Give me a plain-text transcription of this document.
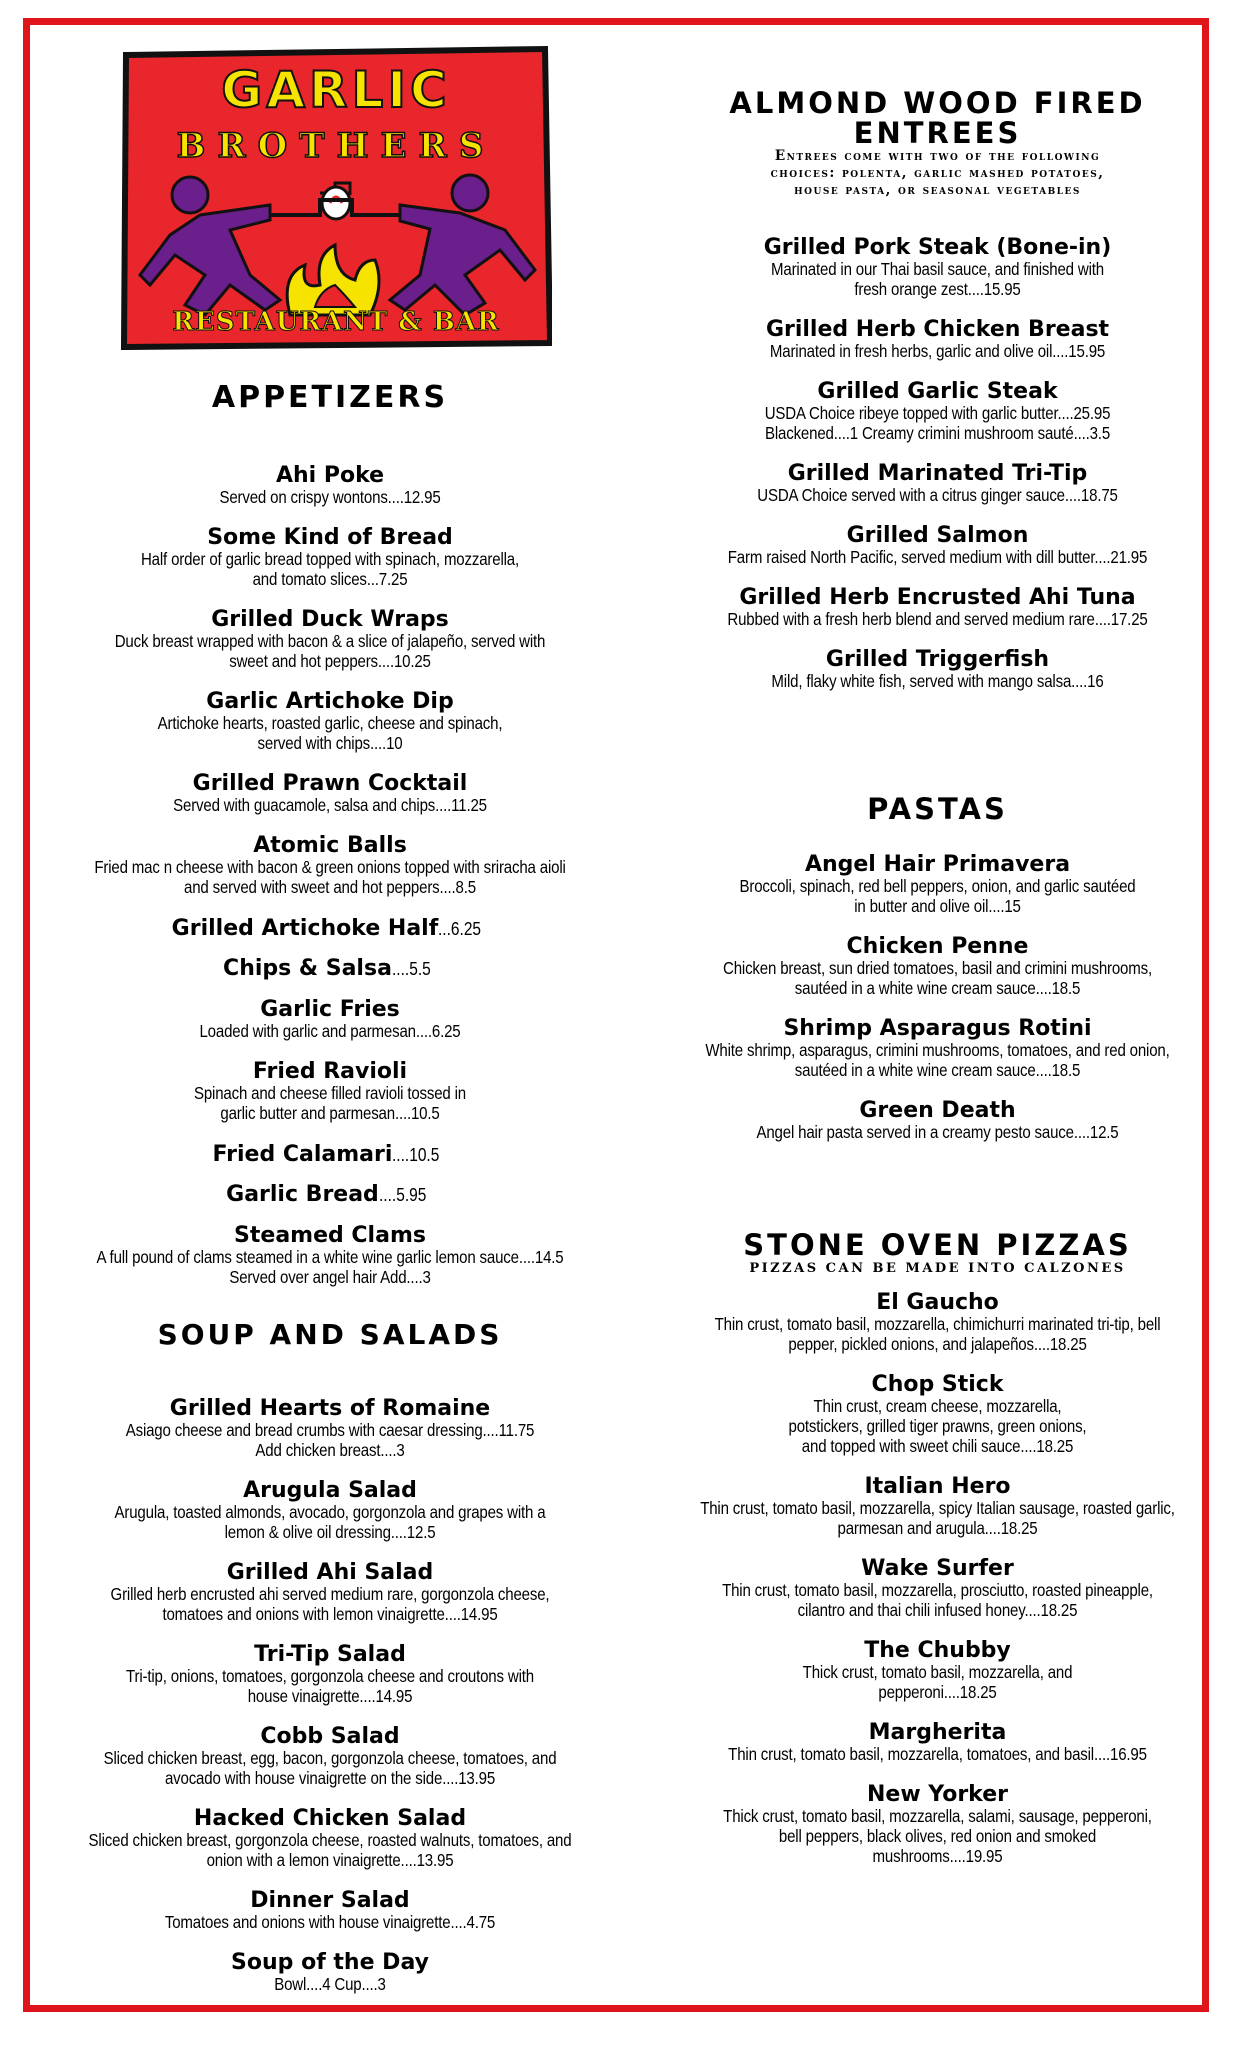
GARLIC
BROTHERS
RESTAURANT & BAR
APPETIZERS
Ahi Poke
Served on crispy wontons....12.95
Some Kind of Bread
Half order of garlic bread topped with spinach, mozzarella,
and tomato slices...7.25
Grilled Duck Wraps
Duck breast wrapped with bacon & a slice of jalapeño, served with
sweet and hot peppers....10.25
Garlic Artichoke Dip
Artichoke hearts, roasted garlic, cheese and spinach,
served with chips....10
Grilled Prawn Cocktail
Served with guacamole, salsa and chips....11.25
Atomic Balls
Fried mac n cheese with bacon & green onions topped with sriracha aioli
and served with sweet and hot peppers....8.5
Grilled Artichoke Half...6.25
Chips & Salsa....5.5
Garlic Fries
Loaded with garlic and parmesan....6.25
Fried Ravioli
Spinach and cheese filled ravioli tossed in
garlic butter and parmesan....10.5
Fried Calamari....10.5
Garlic Bread....5.95
Steamed Clams
A full pound of clams steamed in a white wine garlic lemon sauce....14.5
Served over angel hair Add....3
SOUP AND SALADS
Grilled Hearts of Romaine
Asiago cheese and bread crumbs with caesar dressing....11.75
Add chicken breast....3
Arugula Salad
Arugula, toasted almonds, avocado, gorgonzola and grapes with a
lemon & olive oil dressing....12.5
Grilled Ahi Salad
Grilled herb encrusted ahi served medium rare, gorgonzola cheese,
tomatoes and onions with lemon vinaigrette....14.95
Tri-Tip Salad
Tri-tip, onions, tomatoes, gorgonzola cheese and croutons with
house vinaigrette....14.95
Cobb Salad
Sliced chicken breast, egg, bacon, gorgonzola cheese, tomatoes, and
avocado with house vinaigrette on the side....13.95
Hacked Chicken Salad
Sliced chicken breast, gorgonzola cheese, roasted walnuts, tomatoes, and
onion with a lemon vinaigrette....13.95
Dinner Salad
Tomatoes and onions with house vinaigrette....4.75
Soup of the Day
Bowl....4 Cup....3
ALMOND WOOD FIRED
ENTREES
Entrees come with two of the following
choices: polenta, garlic mashed potatoes,
house pasta, or seasonal vegetables
Grilled Pork Steak (Bone-in)
Marinated in our Thai basil sauce, and finished with
fresh orange zest....15.95
Grilled Herb Chicken Breast
Marinated in fresh herbs, garlic and olive oil....15.95
Grilled Garlic Steak
USDA Choice ribeye topped with garlic butter....25.95
Blackened....1 Creamy crimini mushroom sauté....3.5
Grilled Marinated Tri-Tip
USDA Choice served with a citrus ginger sauce....18.75
Grilled Salmon
Farm raised North Pacific, served medium with dill butter....21.95
Grilled Herb Encrusted Ahi Tuna
Rubbed with a fresh herb blend and served medium rare....17.25
Grilled Triggerfish
Mild, flaky white fish, served with mango salsa....16
PASTAS
Angel Hair Primavera
Broccoli, spinach, red bell peppers, onion, and garlic sautéed
in butter and olive oil....15
Chicken Penne
Chicken breast, sun dried tomatoes, basil and crimini mushrooms,
sautéed in a white wine cream sauce....18.5
Shrimp Asparagus Rotini
White shrimp, asparagus, crimini mushrooms, tomatoes, and red onion,
sautéed in a white wine cream sauce....18.5
Green Death
Angel hair pasta served in a creamy pesto sauce....12.5
STONE OVEN PIZZAS
PIZZAS CAN BE MADE INTO CALZONES
El Gaucho
Thin crust, tomato basil, mozzarella, chimichurri marinated tri-tip, bell
pepper, pickled onions, and jalapeños....18.25
Chop Stick
Thin crust, cream cheese, mozzarella,
potstickers, grilled tiger prawns, green onions,
and topped with sweet chili sauce....18.25
Italian Hero
Thin crust, tomato basil, mozzarella, spicy Italian sausage, roasted garlic,
parmesan and arugula....18.25
Wake Surfer
Thin crust, tomato basil, mozzarella, prosciutto, roasted pineapple,
cilantro and thai chili infused honey....18.25
The Chubby
Thick crust, tomato basil, mozzarella, and
pepperoni....18.25
Margherita
Thin crust, tomato basil, mozzarella, tomatoes, and basil....16.95
New Yorker
Thick crust, tomato basil, mozzarella, salami, sausage, pepperoni,
bell peppers, black olives, red onion and smoked
mushrooms....19.95
